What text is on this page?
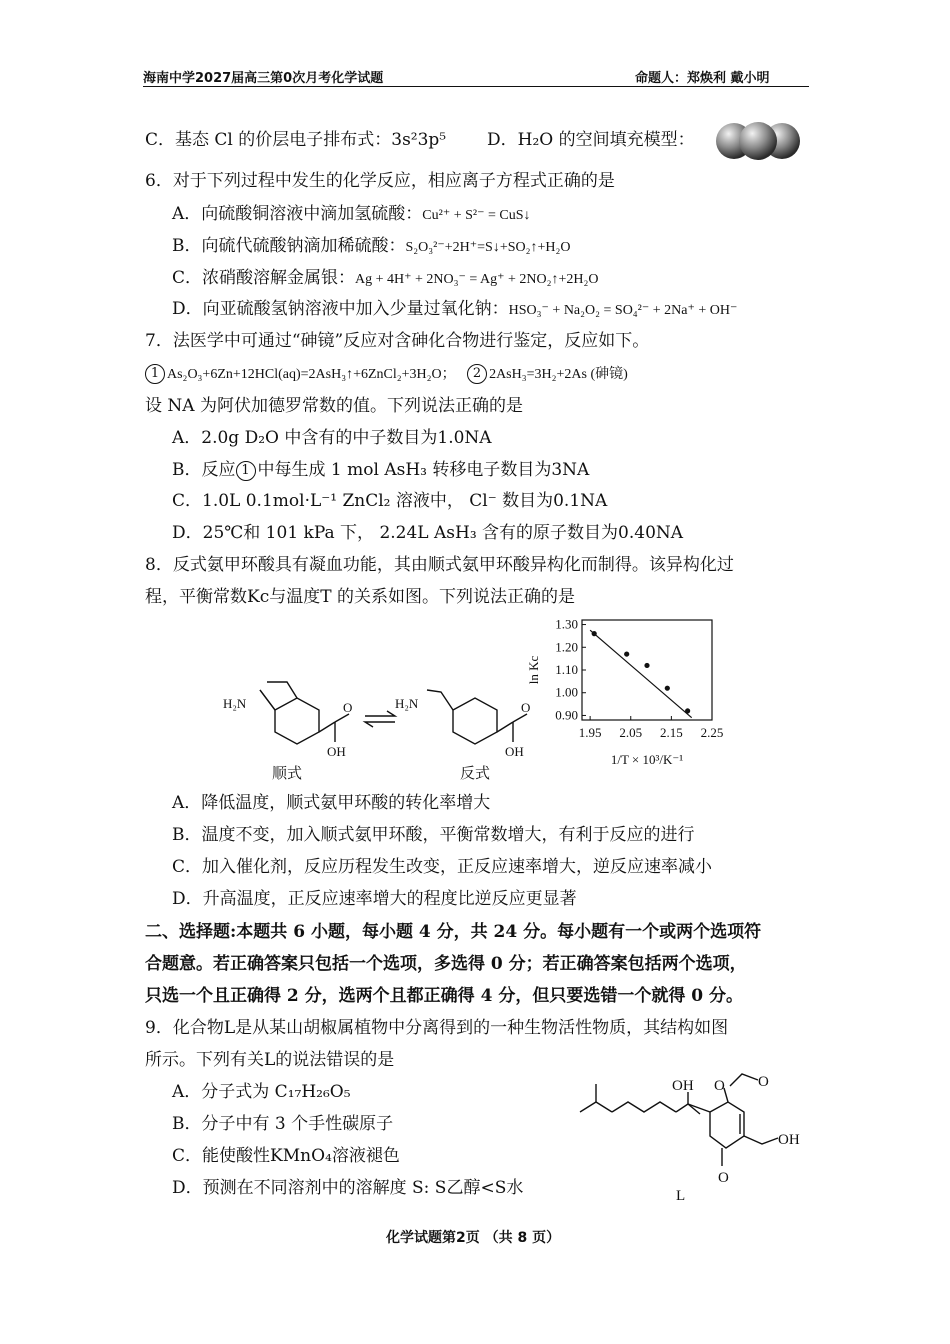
海南中学2027届高三第0次月考化学试题	命题人：郑焕利 戴小明
C．基态 Cl 的价层电子排布式：3s²3p⁵ D．H₂O 的空间填充模型：
6．对于下列过程中发生的化学反应，相应离子方程式正确的是
A．向硫酸铜溶液中滴加氢硫酸：Cu²⁺ + S²⁻ = CuS↓
B．向硫代硫酸钠滴加稀硫酸：S₂O₃²⁻+2H⁺=S↓+SO₂↑+H₂O
C．浓硝酸溶解金属银：Ag + 4H⁺ + 2NO₃⁻ = Ag⁺ + 2NO₂↑+2H₂O
D．向亚硫酸氢钠溶液中加入少量过氧化钠：HSO₃⁻ + Na₂O₂ = SO₄²⁻ + 2Na⁺ + OH⁻
7．法医学中可通过“砷镜”反应对含砷化合物进行鉴定，反应如下。
1 As₂O₃+6Zn+12HCl(aq)=2AsH₃↑+6ZnCl₂+3H₂O； 2 2AsH₃=3H₂+2As (砷镜)
设 NA 为阿伏加德罗常数的值。下列说法正确的是
A．2.0g D₂O 中含有的中子数目为1.0NA
B．反应 1 中每生成 1 mol AsH₃ 转移电子数目为3NA
C．1.0L 0.1mol·L⁻¹ ZnCl₂ 溶液中， Cl⁻ 数目为0.1NA
D．25℃和 101 kPa 下， 2.24L AsH₃ 含有的原子数目为0.40NA
8．反式氨甲环酸具有凝血功能，其由顺式氨甲环酸异构化而制得。该异构化过
程，平衡常数Kc与温度T 的关系如图。下列说法正确的是
H₂N	O
OH
H₂N	O
OH
顺式	反式
0.90
1.00
1.10
1.20
1.30
1.95 2.05 2.15 2.25
ln Kc
1/T × 10³/K⁻¹
A．降低温度，顺式氨甲环酸的转化率增大
B．温度不变，加入顺式氨甲环酸，平衡常数增大，有利于反应的进行
C．加入催化剂，反应历程发生改变，正反应速率增大，逆反应速率减小
D．升高温度，正反应速率增大的程度比逆反应更显著
二、选择题:本题共 6 小题，每小题 4 分，共 24 分。每小题有一个或两个选项符
合题意。若正确答案只包括一个选项，多选得 0 分；若正确答案包括两个选项，
只选一个且正确得 2 分，选两个且都正确得 4 分，但只要选错一个就得 0 分。
9．化合物L是从某山胡椒属植物中分离得到的一种生物活性物质，其结构如图
所示。下列有关L的说法错误的是
A．分子式为 C₁₇H₂₆O₅
B．分子中有 3 个手性碳原子
C．能使酸性KMnO₄溶液褪色
D．预测在不同溶剂中的溶解度 S: S乙醇<S水
OH O O
OH
O
L
化学试题第2页 （共 8 页）
